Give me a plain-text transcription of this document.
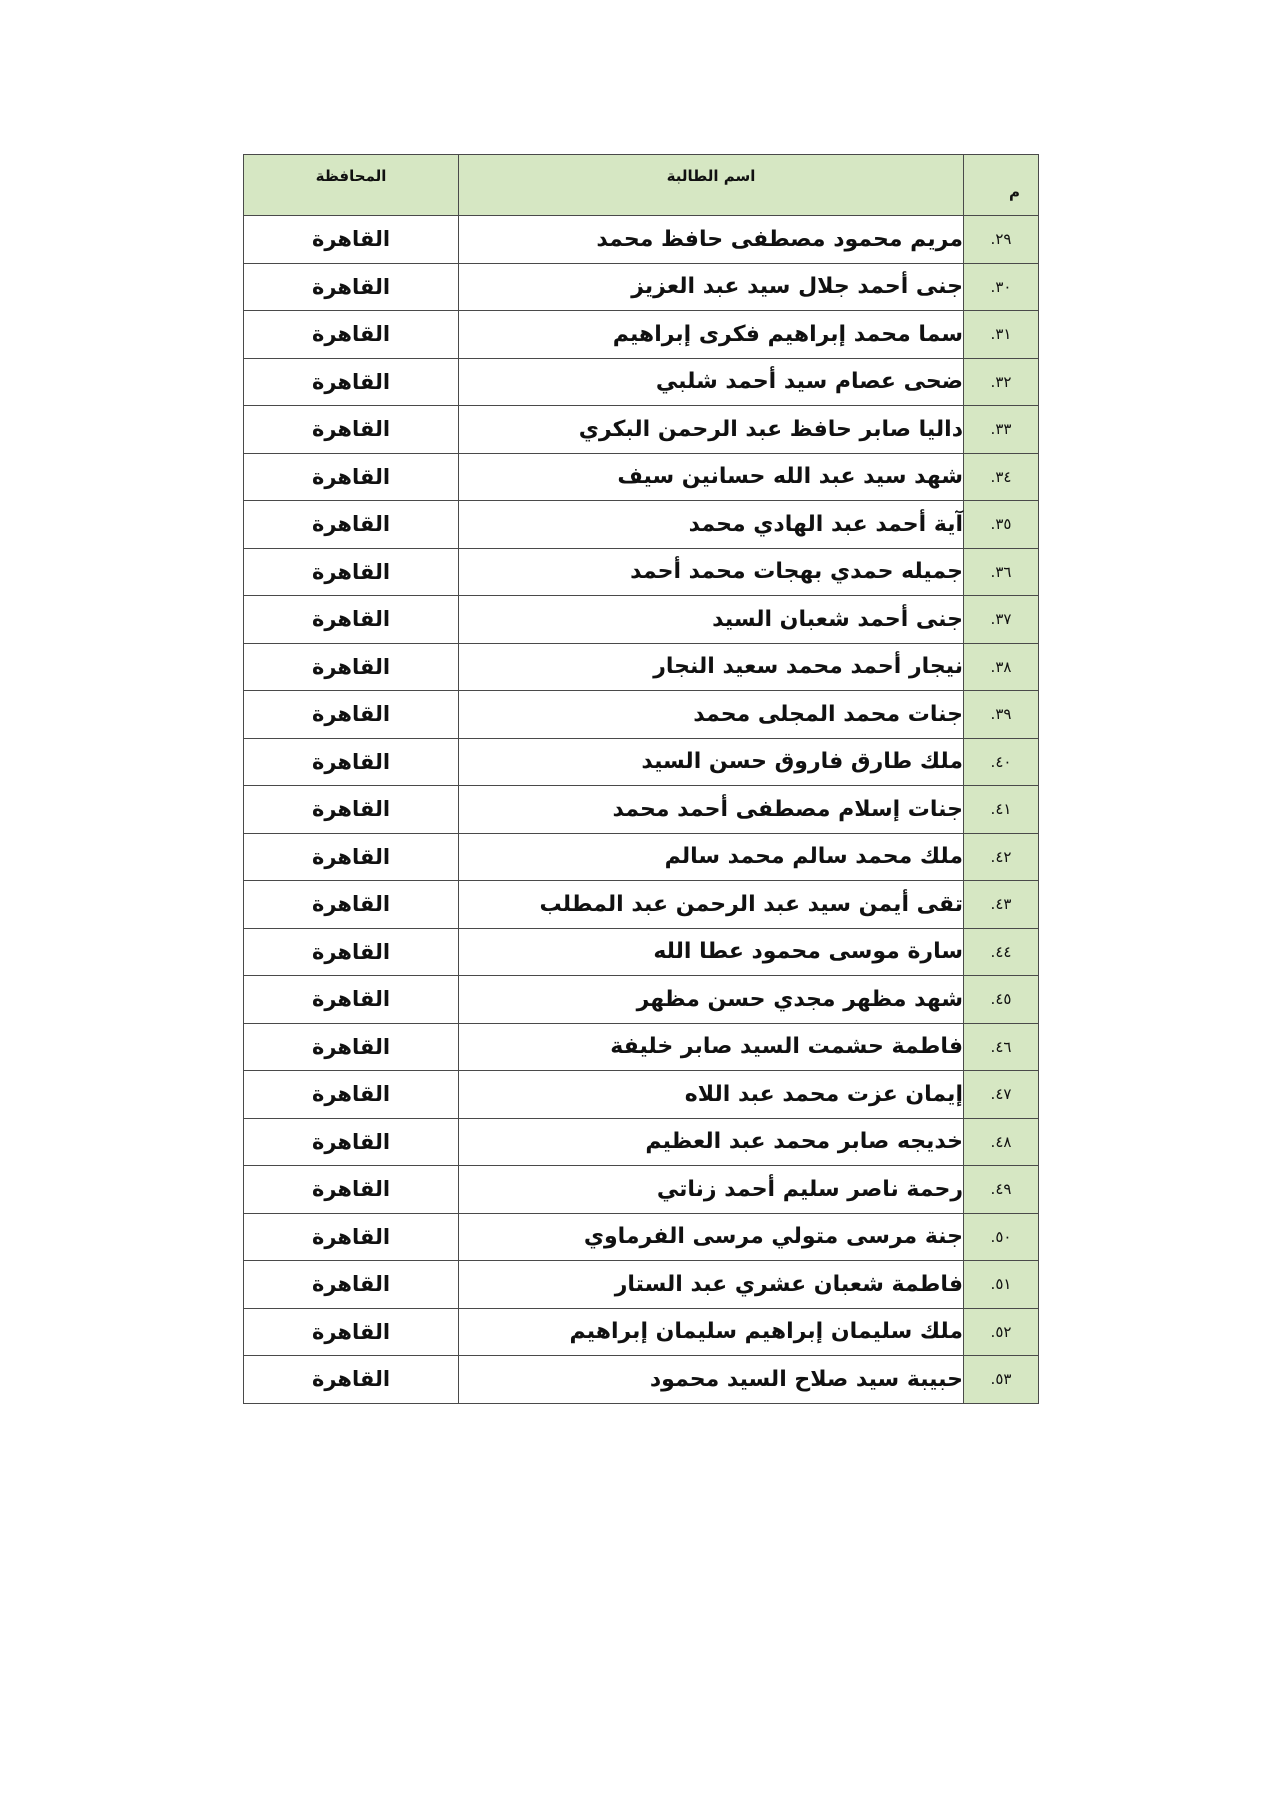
م	اسم الطالبة	المحافظة
٢٩.	مريم محمود مصطفى حافظ محمد	القاهرة
٣٠.	جنى أحمد جلال سيد عبد العزيز	القاهرة
٣١.	سما محمد إبراهيم فكرى إبراهيم	القاهرة
٣٢.	ضحى عصام سيد أحمد شلبي	القاهرة
٣٣.	داليا صابر حافظ عبد الرحمن البكري	القاهرة
٣٤.	شهد سيد عبد الله حسانين سيف	القاهرة
٣٥.	آية أحمد عبد الهادي محمد	القاهرة
٣٦.	جميله حمدي بهجات محمد أحمد	القاهرة
٣٧.	جنى أحمد شعبان السيد	القاهرة
٣٨.	نيجار أحمد محمد سعيد النجار	القاهرة
٣٩.	جنات محمد المجلى محمد	القاهرة
٤٠.	ملك طارق فاروق حسن السيد	القاهرة
٤١.	جنات إسلام مصطفى أحمد محمد	القاهرة
٤٢.	ملك محمد سالم محمد سالم	القاهرة
٤٣.	تقى أيمن سيد عبد الرحمن عبد المطلب	القاهرة
٤٤.	سارة موسى محمود عطا الله	القاهرة
٤٥.	شهد مظهر مجدي حسن مظهر	القاهرة
٤٦.	فاطمة حشمت السيد صابر خليفة	القاهرة
٤٧.	إيمان عزت محمد عبد اللاه	القاهرة
٤٨.	خديجه صابر محمد عبد العظيم	القاهرة
٤٩.	رحمة ناصر سليم أحمد زناتي	القاهرة
٥٠.	جنة مرسى متولي مرسى الفرماوي	القاهرة
٥١.	فاطمة شعبان عشري عبد الستار	القاهرة
٥٢.	ملك سليمان إبراهيم سليمان إبراهيم	القاهرة
٥٣.	حبيبة سيد صلاح السيد محمود	القاهرة
